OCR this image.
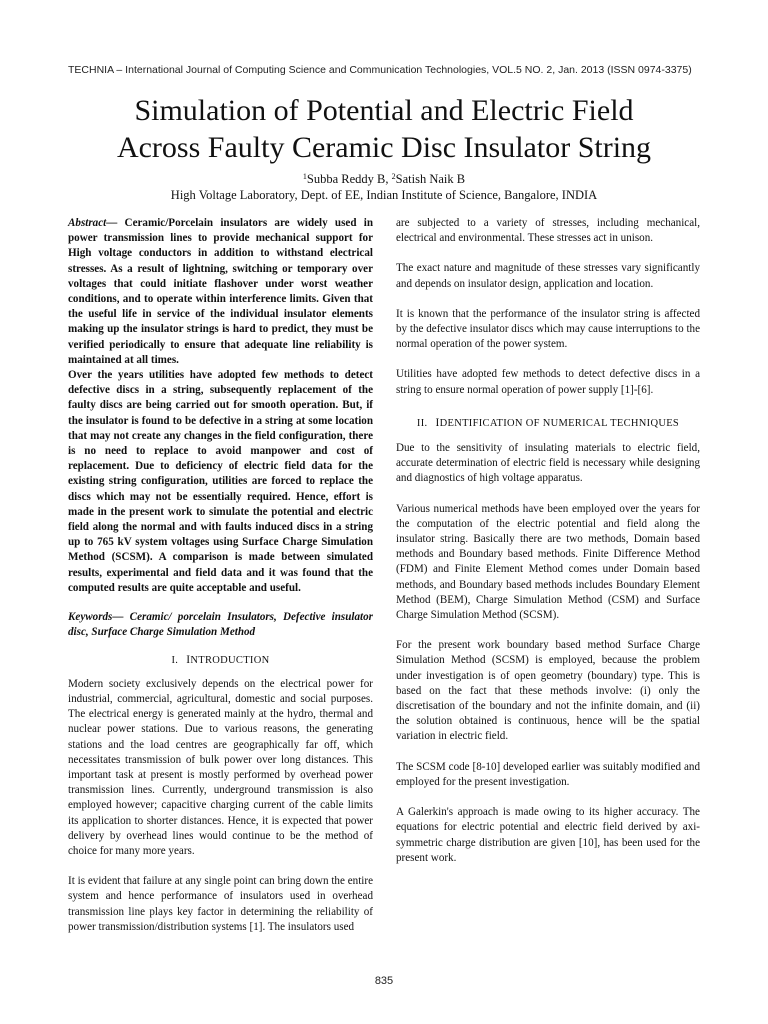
TECHNIA – International Journal of Computing Science and Communication Technologies, VOL.5 NO. 2, Jan. 2013 (ISSN 0974-3375)
Simulation of Potential and Electric Field
Across Faulty Ceramic Disc Insulator String
$^1$Subba Reddy B, $^2$Satish Naik B
High Voltage Laboratory, Dept. of EE, Indian Institute of Science, Bangalore, INDIA

Abstract— Ceramic/Porcelain insulators are widely used in power transmission lines to provide mechanical support for High voltage conductors in addition to withstand electrical stresses. As a result of lightning, switching or temporary over voltages that could initiate flashover under worst weather conditions, and to operate within interference limits. Given that the useful life in service of the individual insulator elements making up the insulator strings is hard to predict, they must be verified periodically to ensure that adequate line reliability is maintained at all times.

Over the years utilities have adopted few methods to detect defective discs in a string, subsequently replacement of the faulty discs are being carried out for smooth operation. But, if the insulator is found to be defective in a string at some location that may not create any changes in the field configuration, there is no need to replace to avoid manpower and cost of replacement. Due to deficiency of electric field data for the existing string configuration, utilities are forced to replace the discs which may not be essentially required. Hence, effort is made in the present work to simulate the potential and electric field along the normal and with faults induced discs in a string up to 765 kV system voltages using Surface Charge Simulation Method (SCSM). A comparison is made between simulated results, experimental and field data and it was found that the computed results are quite acceptable and useful.

Keywords— Ceramic/ porcelain Insulators, Defective insulator disc, Surface Charge Simulation Method

I. INTRODUCTION

Modern society exclusively depends on the electrical power for industrial, commercial, agricultural, domestic and social purposes. The electrical energy is generated mainly at the hydro, thermal and nuclear power stations. Due to various reasons, the generating stations and the load centres are geographically far off, which necessitates transmission of bulk power over long distances. This important task at present is mostly performed by overhead power transmission lines. Currently, underground transmission is also employed however; capacitive charging current of the cable limits its application to shorter distances. Hence, it is expected that power delivery by overhead lines would continue to be the method of choice for many more years.

It is evident that failure at any single point can bring down the entire system and hence performance of insulators used in overhead transmission line plays key factor in determining the reliability of power transmission/distribution systems [1]. The insulators used

are subjected to a variety of stresses, including mechanical, electrical and environmental. These stresses act in unison.

The exact nature and magnitude of these stresses vary significantly and depends on insulator design, application and location.

It is known that the performance of the insulator string is affected by the defective insulator discs which may cause interruptions to the normal operation of the power system.

Utilities have adopted few methods to detect defective discs in a string to ensure normal operation of power supply [1]-[6].

II. IDENTIFICATION OF NUMERICAL TECHNIQUES

Due to the sensitivity of insulating materials to electric field, accurate determination of electric field is necessary while designing and diagnostics of high voltage apparatus.

Various numerical methods have been employed over the years for the computation of the electric potential and field along the insulator string. Basically there are two methods, Domain based methods and Boundary based methods. Finite Difference Method (FDM) and Finite Element Method comes under Domain based methods, and Boundary based methods includes Boundary Element Method (BEM), Charge Simulation Method (CSM) and Surface Charge Simulation Method (SCSM).

For the present work boundary based method Surface Charge Simulation Method (SCSM) is employed, because the problem under investigation is of open geometry (boundary) type. This is based on the fact that these methods involve: (i) only the discretisation of the boundary and not the infinite domain, and (ii) the solution obtained is continuous, hence will be the spatial variation in electric field.

The SCSM code [8-10] developed earlier was suitably modified and employed for the present investigation.

A Galerkin's approach is made owing to its higher accuracy. The equations for electric potential and electric field derived by axi-symmetric charge distribution are given [10], has been used for the present work.

835
